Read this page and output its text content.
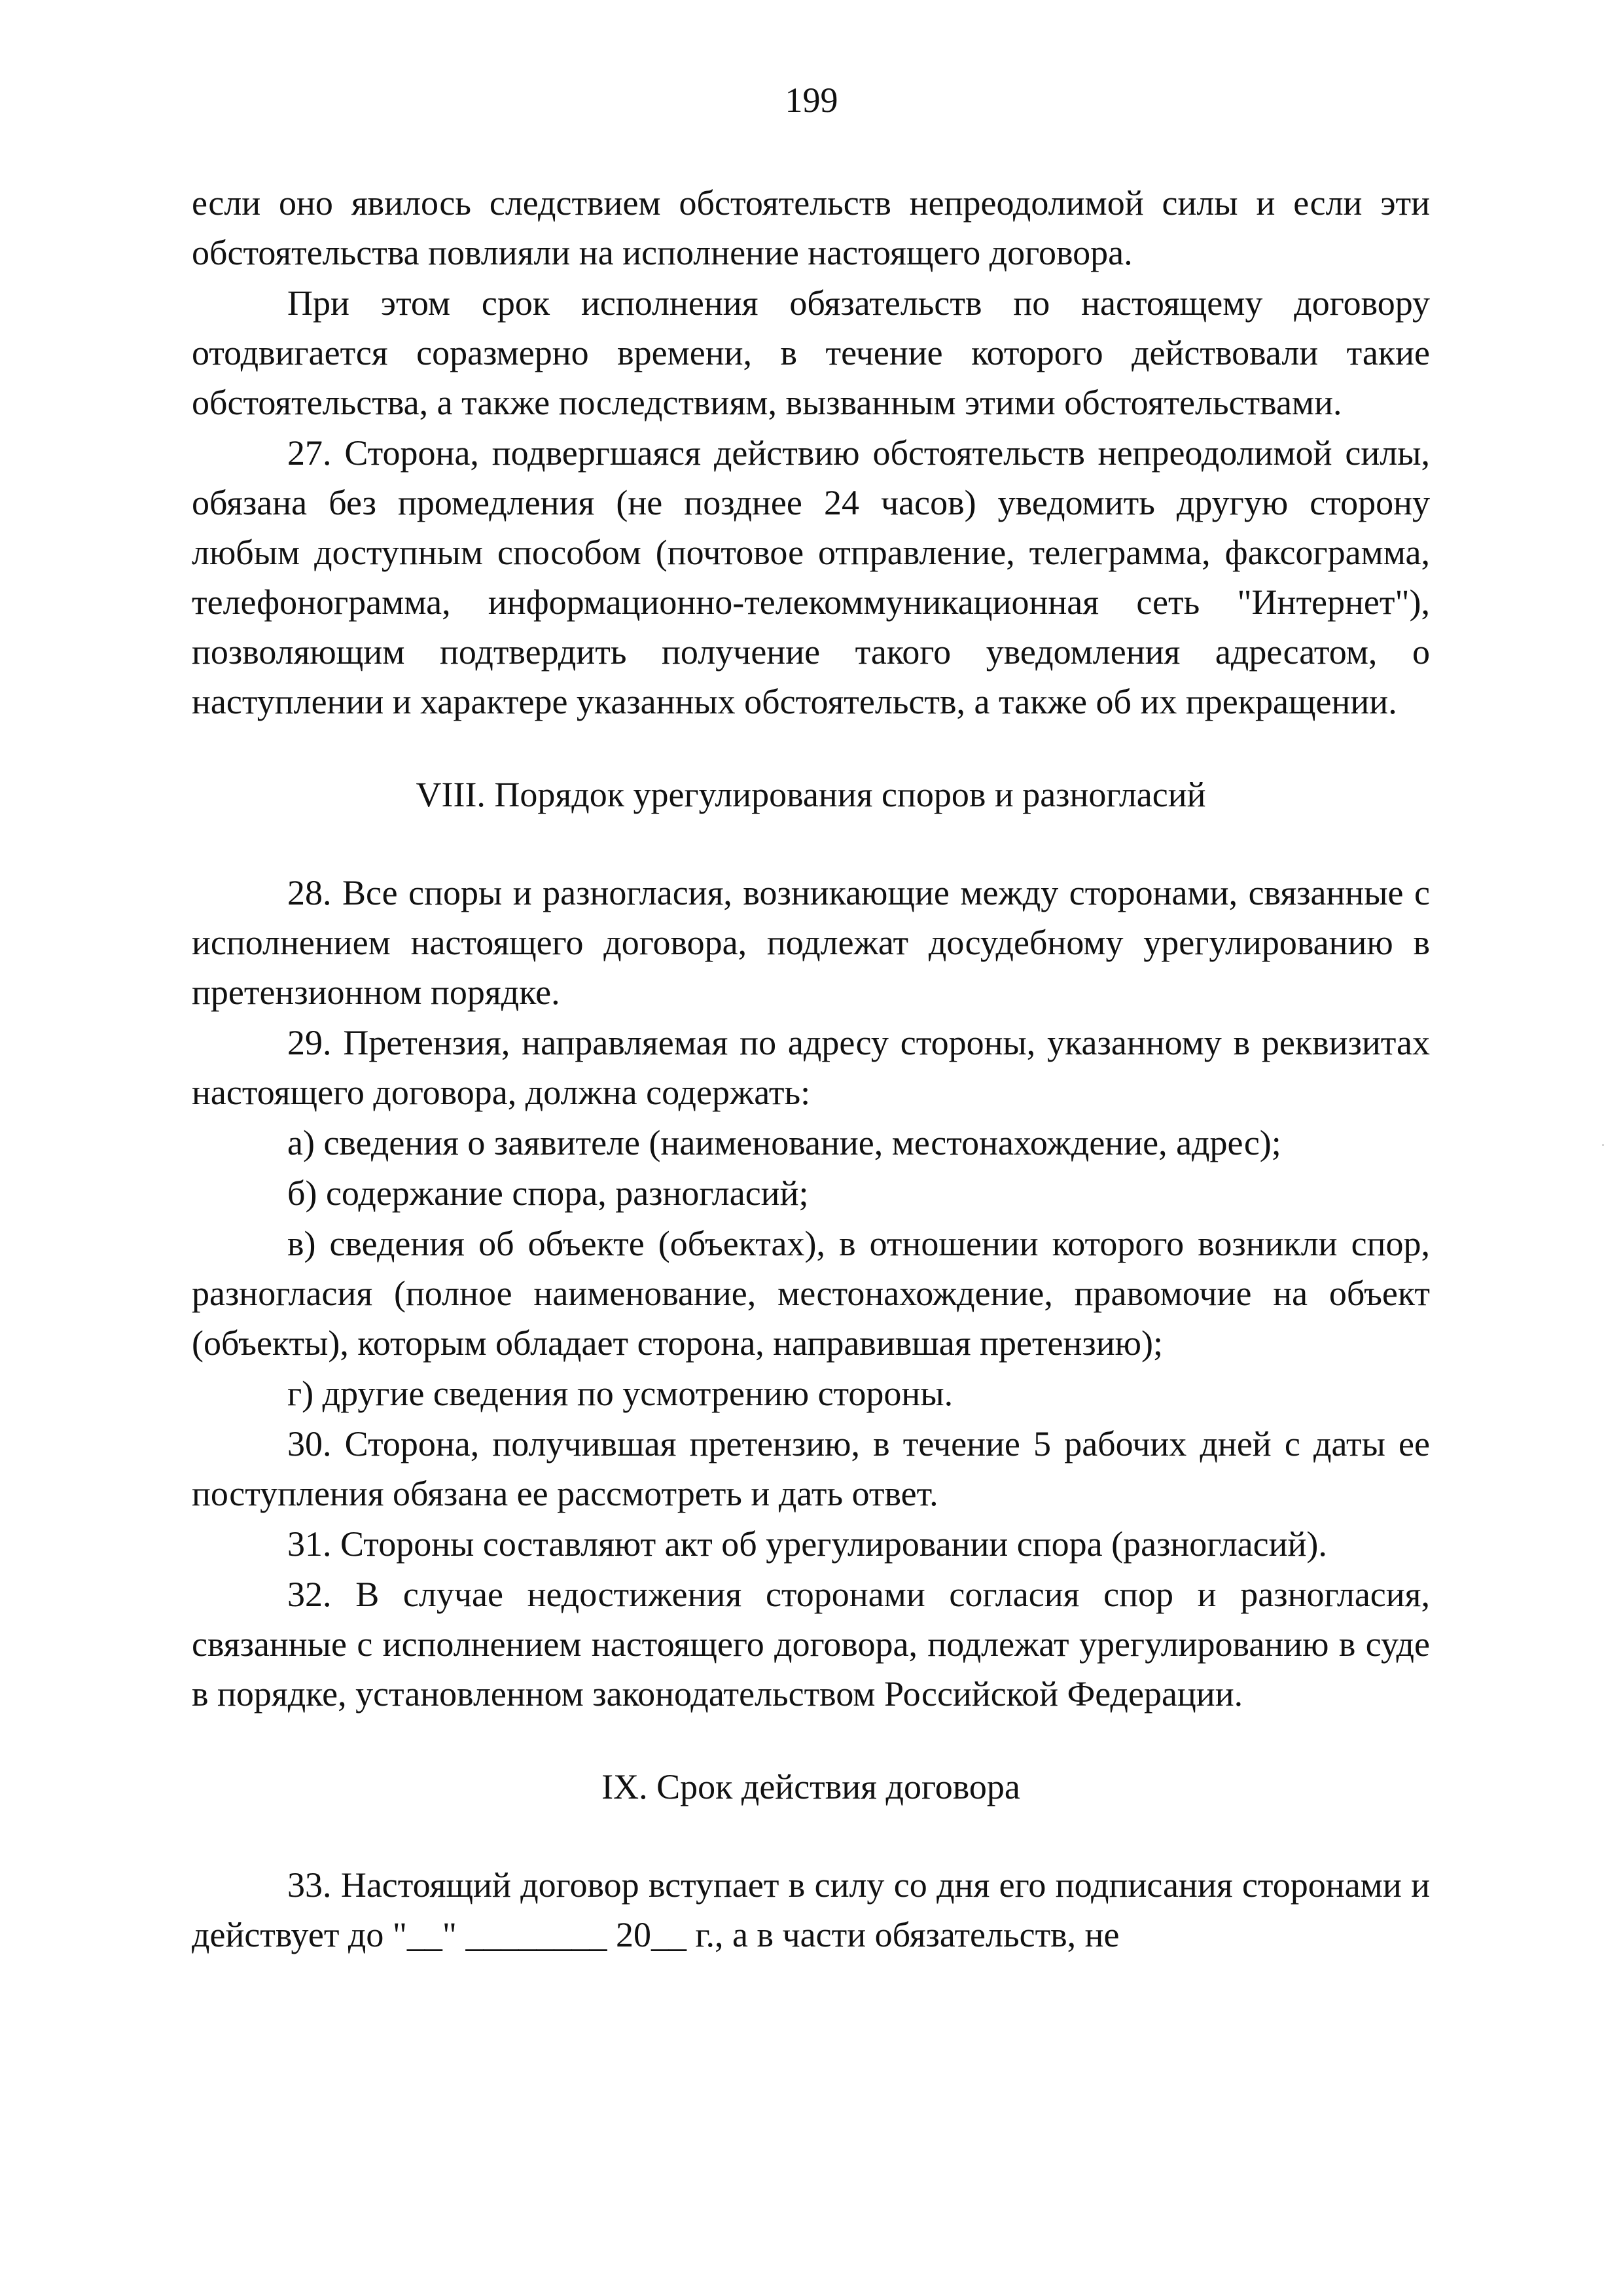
199

если оно явилось следствием обстоятельств непреодолимой силы и если эти обстоятельства повлияли на исполнение настоящего договора.

При этом срок исполнения обязательств по настоящему договору отодвигается соразмерно времени, в течение которого действовали такие обстоятельства, а также последствиям, вызванным этими обстоятельствами.

27. Сторона, подвергшаяся действию обстоятельств непреодолимой силы, обязана без промедления (не позднее 24 часов) уведомить другую сторону любым доступным способом (почтовое отправление, телеграмма, факсограмма, телефонограмма, информационно-телекоммуникационная сеть "Интернет"), позволяющим подтвердить получение такого уведомления адресатом, о наступлении и характере указанных обстоятельств, а также об их прекращении.

VIII. Порядок урегулирования споров и разногласий

28. Все споры и разногласия, возникающие между сторонами, связанные с исполнением настоящего договора, подлежат досудебному урегулированию в претензионном порядке.

29. Претензия, направляемая по адресу стороны, указанному в реквизитах настоящего договора, должна содержать:

а) сведения о заявителе (наименование, местонахождение, адрес);

б) содержание спора, разногласий;

в) сведения об объекте (объектах), в отношении которого возникли спор, разногласия (полное наименование, местонахождение, правомочие на объект (объекты), которым обладает сторона, направившая претензию);

г) другие сведения по усмотрению стороны.

30. Сторона, получившая претензию, в течение 5 рабочих дней с даты ее поступления обязана ее рассмотреть и дать ответ.

31. Стороны составляют акт об урегулировании спора (разногласий).

32. В случае недостижения сторонами согласия спор и разногласия, связанные с исполнением настоящего договора, подлежат урегулированию в суде в порядке, установленном законодательством Российской Федерации.

IX. Срок действия договора

33. Настоящий договор вступает в силу со дня его подписания сторонами и действует до "__" ________ 20__ г., а в части обязательств, не
